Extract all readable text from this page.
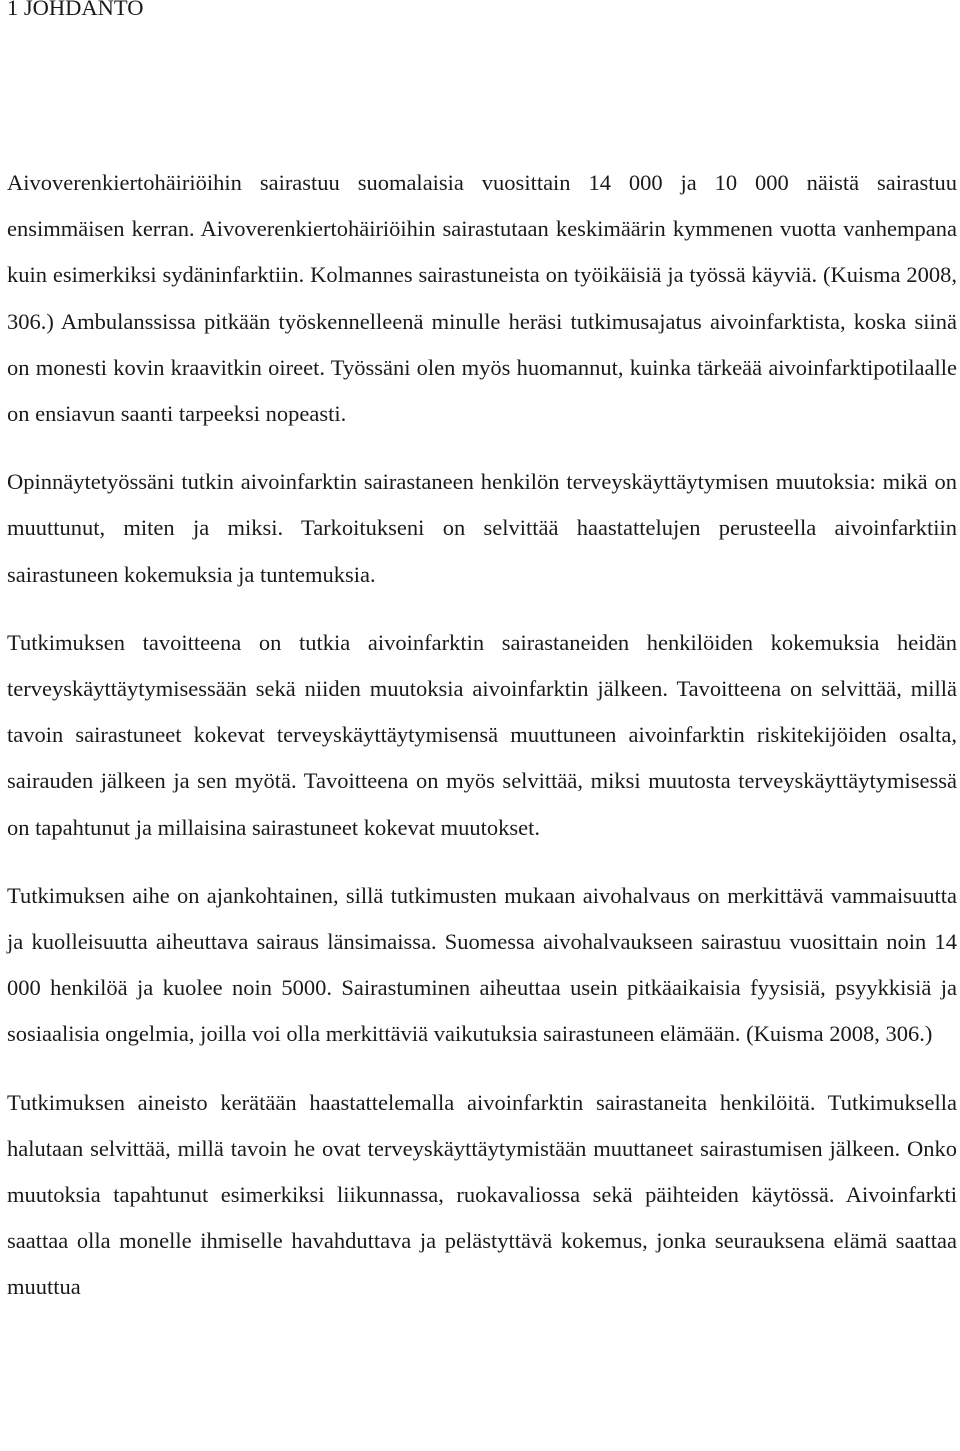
1 JOHDANTO

Aivoverenkiertohäiriöihin sairastuu suomalaisia vuosittain 14 000 ja 10 000 näistä sairastuu ensimmäisen kerran. Aivoverenkiertohäiriöihin sairastutaan keskimäärin kymmenen vuotta vanhempana kuin esimerkiksi sydäninfarktiin. Kolmannes sairastuneista on työikäisiä ja työssä käyviä. (Kuisma 2008, 306.) Ambulanssissa pitkään työskennelleenä minulle heräsi tutkimusajatus aivoinfarktista, koska siinä on monesti kovin kraavitkin oireet. Työssäni olen myös huomannut, kuinka tärkeää aivoinfarktipotilaalle on ensiavun saanti tarpeeksi nopeasti.

Opinnäytetyössäni tutkin aivoinfarktin sairastaneen henkilön terveyskäyttäytymisen muutoksia: mikä on muuttunut, miten ja miksi. Tarkoitukseni on selvittää haastattelujen perusteella aivoinfarktiin sairastuneen kokemuksia ja tuntemuksia.

Tutkimuksen tavoitteena on tutkia aivoinfarktin sairastaneiden henkilöiden kokemuksia heidän terveyskäyttäytymisessään sekä niiden muutoksia aivoinfarktin jälkeen. Tavoitteena on selvittää, millä tavoin sairastuneet kokevat terveyskäyttäytymisensä muuttuneen aivoinfarktin riskitekijöiden osalta, sairauden jälkeen ja sen myötä. Tavoitteena on myös selvittää, miksi muutosta terveyskäyttäytymisessä on tapahtunut ja millaisina sairastuneet kokevat muutokset.

Tutkimuksen aihe on ajankohtainen, sillä tutkimusten mukaan aivohalvaus on merkittävä vammaisuutta ja kuolleisuutta aiheuttava sairaus länsimaissa. Suomessa aivohalvaukseen sairastuu vuosittain noin 14 000 henkilöä ja kuolee noin 5000. Sairastuminen aiheuttaa usein pitkäaikaisia fyysisiä, psyykkisiä ja sosiaalisia ongelmia, joilla voi olla merkittäviä vaikutuksia sairastuneen elämään. (Kuisma 2008, 306.)

Tutkimuksen aineisto kerätään haastattelemalla aivoinfarktin sairastaneita henkilöitä. Tutkimuksella halutaan selvittää, millä tavoin he ovat terveyskäyttäytymistään muuttaneet sairastumisen jälkeen. Onko muutoksia tapahtunut esimerkiksi liikunnassa, ruokavaliossa sekä päihteiden käytössä. Aivoinfarkti saattaa olla monelle ihmiselle havahduttava ja pelästyttävä kokemus, jonka seurauksena elämä saattaa muuttua
